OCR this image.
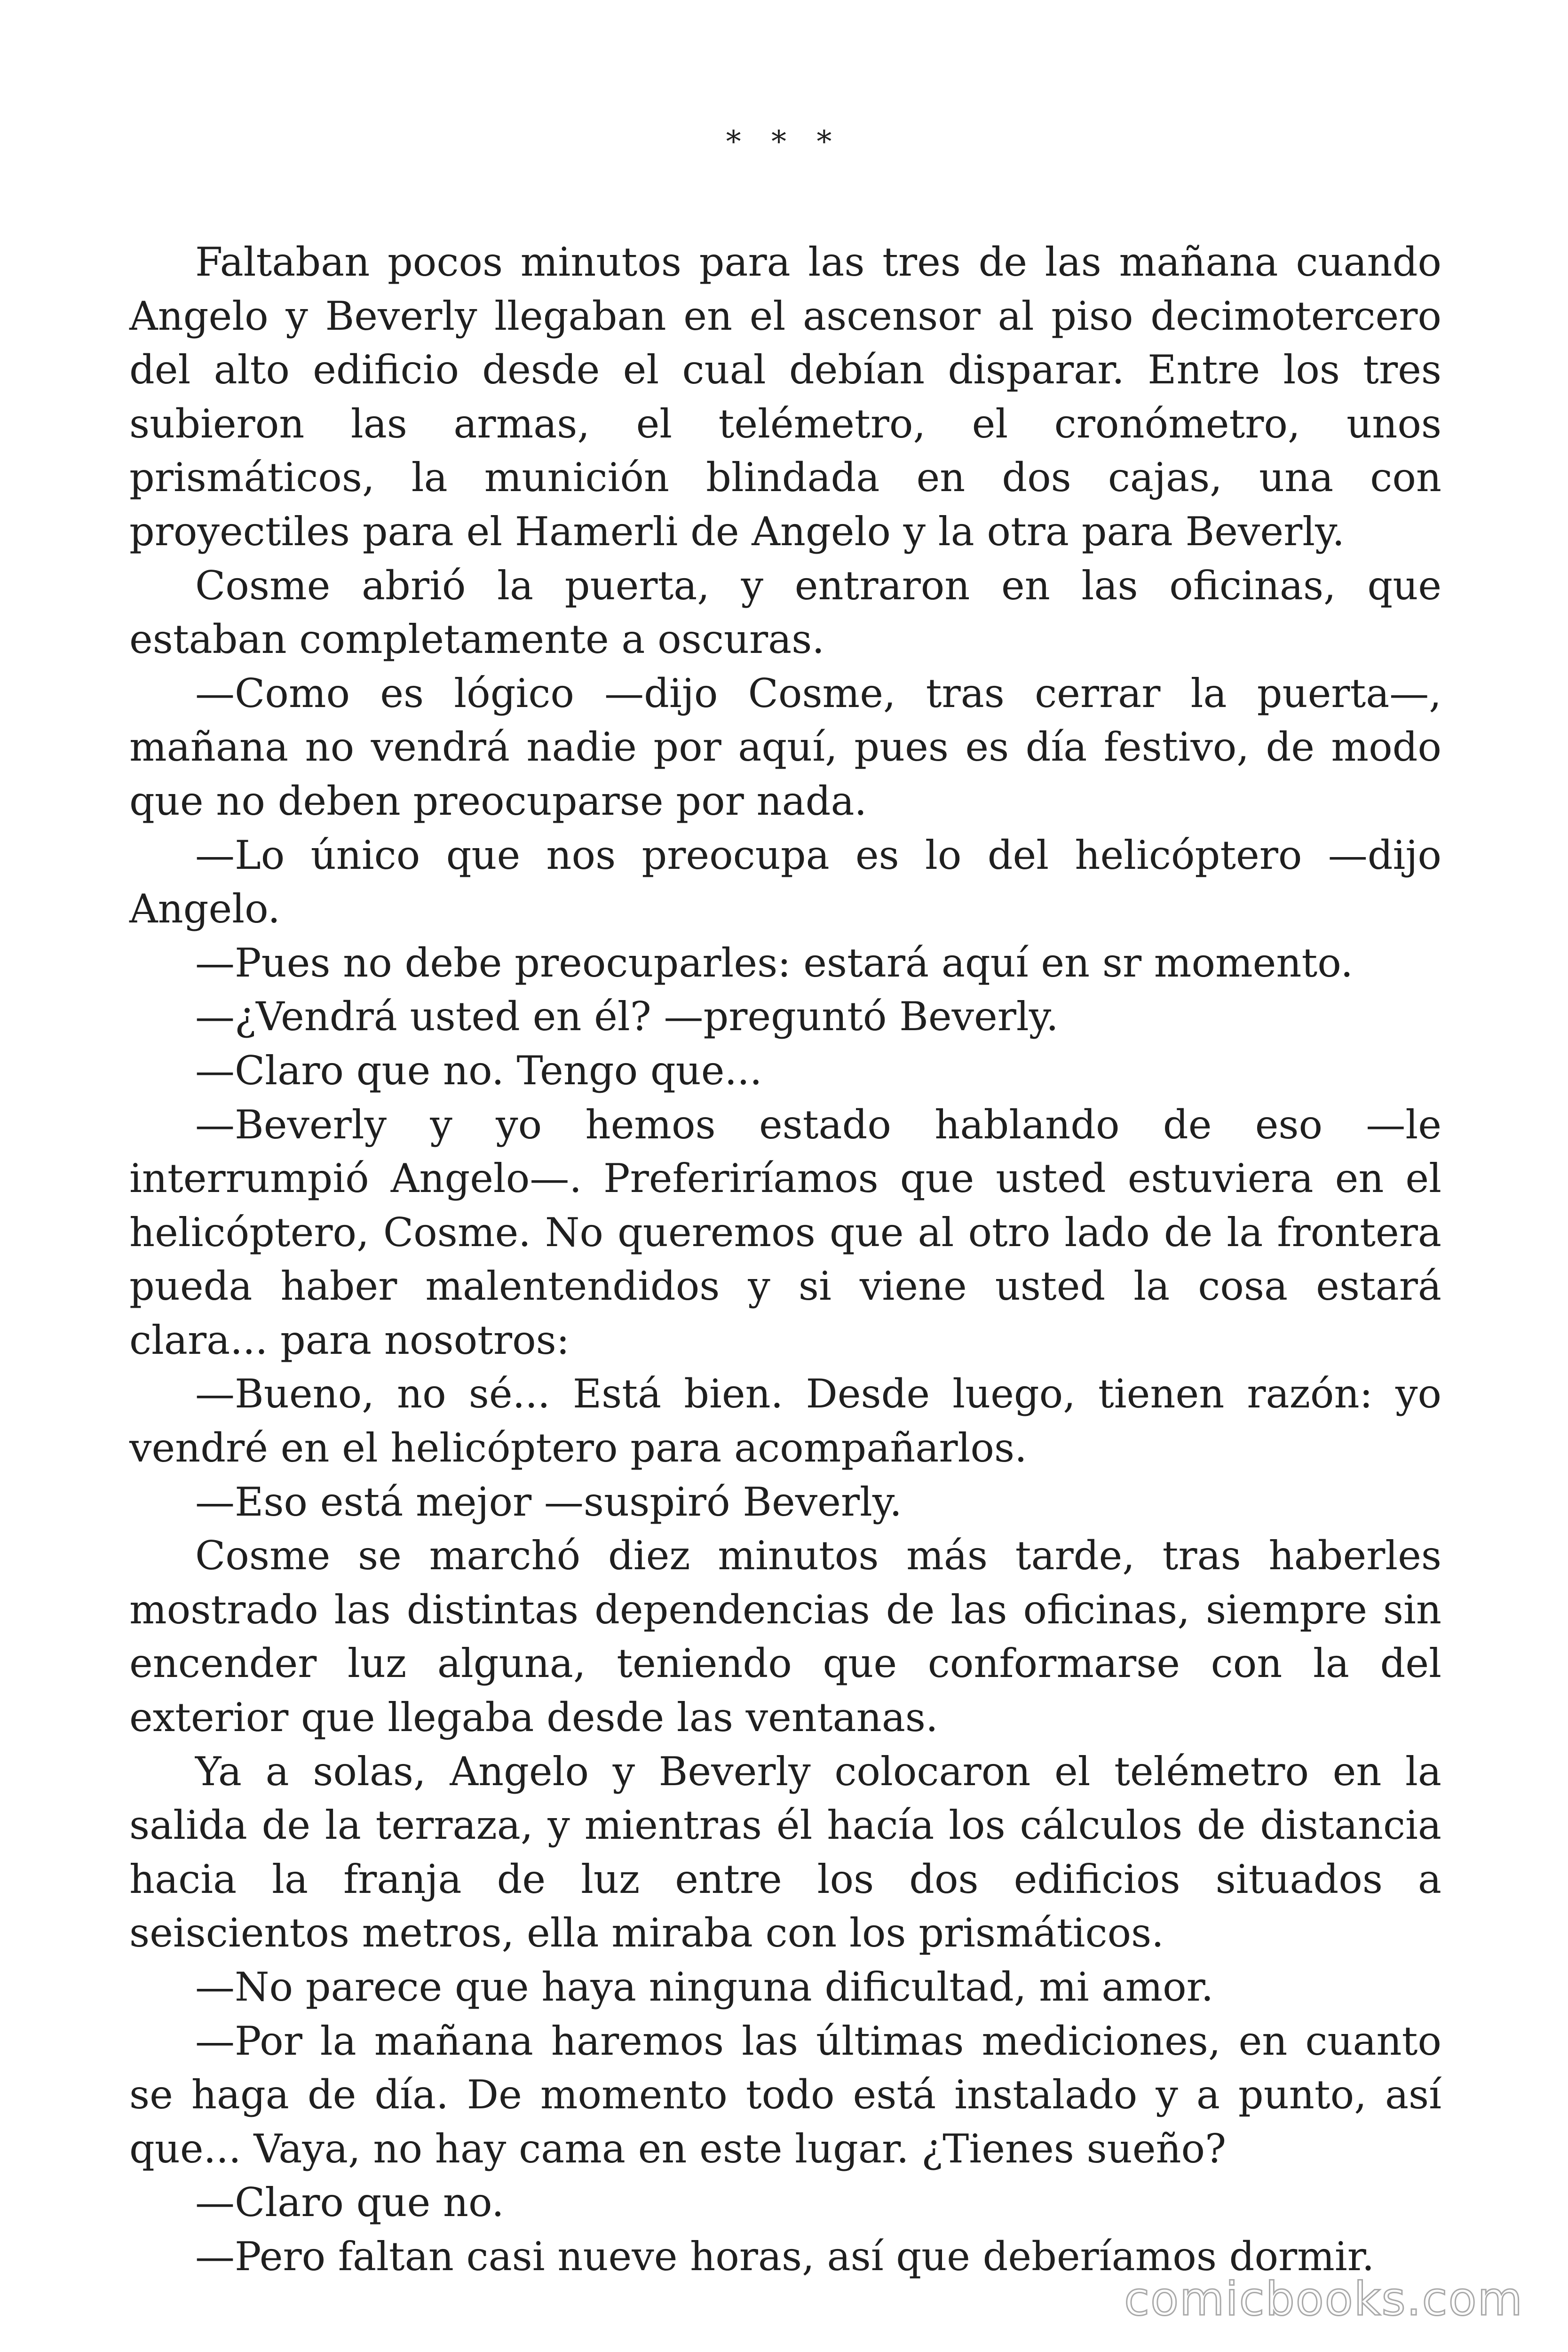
* * *

Faltaban pocos minutos para las tres de las mañana cuando Angelo y Beverly llegaban en el ascensor al piso decimotercero del alto edificio desde el cual debían disparar. Entre los tres subieron las armas, el telémetro, el cronómetro, unos prismáticos, la munición blindada en dos cajas, una con proyectiles para el Hamerli de Angelo y la otra para Beverly.

Cosme abrió la puerta, y entraron en las oficinas, que estaban completamente a oscuras.

—Como es lógico —dijo Cosme, tras cerrar la puerta—, mañana no vendrá nadie por aquí, pues es día festivo, de modo que no deben preocuparse por nada.

—Lo único que nos preocupa es lo del helicóptero —dijo Angelo.

—Pues no debe preocuparles: estará aquí en sr momento.

—¿Vendrá usted en él? —preguntó Beverly.

—Claro que no. Tengo que...

—Beverly y yo hemos estado hablando de eso —le interrumpió Angelo—. Preferiríamos que usted estuviera en el helicóptero, Cosme. No queremos que al otro lado de la frontera pueda haber malentendidos y si viene usted la cosa estará clara... para nosotros:

—Bueno, no sé... Está bien. Desde luego, tienen razón: yo vendré en el helicóptero para acompañarlos.

—Eso está mejor —suspiró Beverly.

Cosme se marchó diez minutos más tarde, tras haberles mostrado las distintas dependencias de las oficinas, siempre sin encender luz alguna, teniendo que conformarse con la del exterior que llegaba desde las ventanas.

Ya a solas, Angelo y Beverly colocaron el telémetro en la salida de la terraza, y mientras él hacía los cálculos de distancia hacia la franja de luz entre los dos edificios situados a seiscientos metros, ella miraba con los prismáticos.

—No parece que haya ninguna dificultad, mi amor.

—Por la mañana haremos las últimas mediciones, en cuanto se haga de día. De momento todo está instalado y a punto, así que... Vaya, no hay cama en este lugar. ¿Tienes sueño?

—Claro que no.

—Pero faltan casi nueve horas, así que deberíamos dormir.

comicbooks.com
